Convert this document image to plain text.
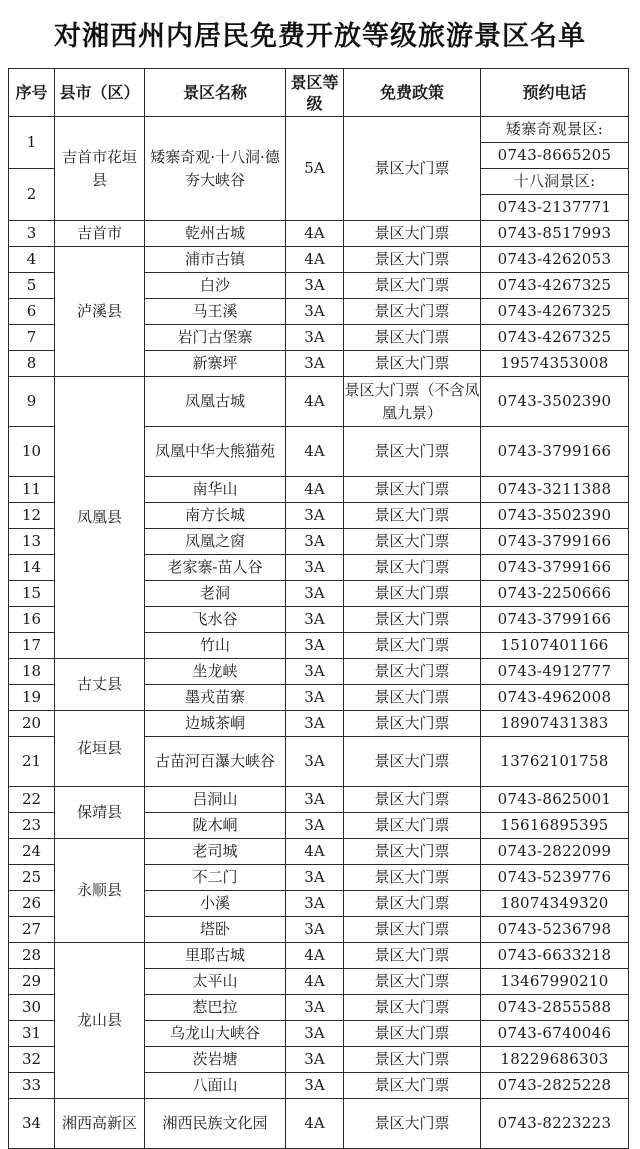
对湘西州内居民免费开放等级旅游景区名单
序号	县市（区）	景区名称	景区等级	免费政策	预约电话
1	吉首市花垣县	矮寨奇观·十八洞·德夯大峡谷	5A	景区大门票	矮寨奇观景区:
					0743-8665205
2					十八洞景区:
					0743-2137771
3	吉首市	乾州古城	4A	景区大门票	0743-8517993
4	泸溪县	浦市古镇	4A	景区大门票	0743-4262053
5		白沙	3A	景区大门票	0743-4267325
6		马王溪	3A	景区大门票	0743-4267325
7		岩门古堡寨	3A	景区大门票	0743-4267325
8		新寨坪	3A	景区大门票	19574353008
9	凤凰县	凤凰古城	4A	景区大门票（不含凤凰九景）	0743-3502390
10		凤凰中华大熊猫苑	4A	景区大门票	0743-3799166
11		南华山	4A	景区大门票	0743-3211388
12		南方长城	3A	景区大门票	0743-3502390
13		凤凰之窗	3A	景区大门票	0743-3799166
14		老家寨-苗人谷	3A	景区大门票	0743-3799166
15		老洞	3A	景区大门票	0743-2250666
16		飞水谷	3A	景区大门票	0743-3799166
17		竹山	3A	景区大门票	15107401166
18	古丈县	坐龙峡	3A	景区大门票	0743-4912777
19		墨戎苗寨	3A	景区大门票	0743-4962008
20	花垣县	边城茶峒	3A	景区大门票	18907431383
21		古苗河百瀑大峡谷	3A	景区大门票	13762101758
22	保靖县	吕洞山	3A	景区大门票	0743-8625001
23		陇木峒	3A	景区大门票	15616895395
24	永顺县	老司城	4A	景区大门票	0743-2822099
25		不二门	3A	景区大门票	0743-5239776
26		小溪	3A	景区大门票	18074349320
27		塔卧	3A	景区大门票	0743-5236798
28	龙山县	里耶古城	4A	景区大门票	0743-6633218
29		太平山	4A	景区大门票	13467990210
30		惹巴拉	3A	景区大门票	0743-2855588
31		乌龙山大峡谷	3A	景区大门票	0743-6740046
32		茨岩塘	3A	景区大门票	18229686303
33		八面山	3A	景区大门票	0743-2825228
34	湘西高新区	湘西民族文化园	4A	景区大门票	0743-8223223
